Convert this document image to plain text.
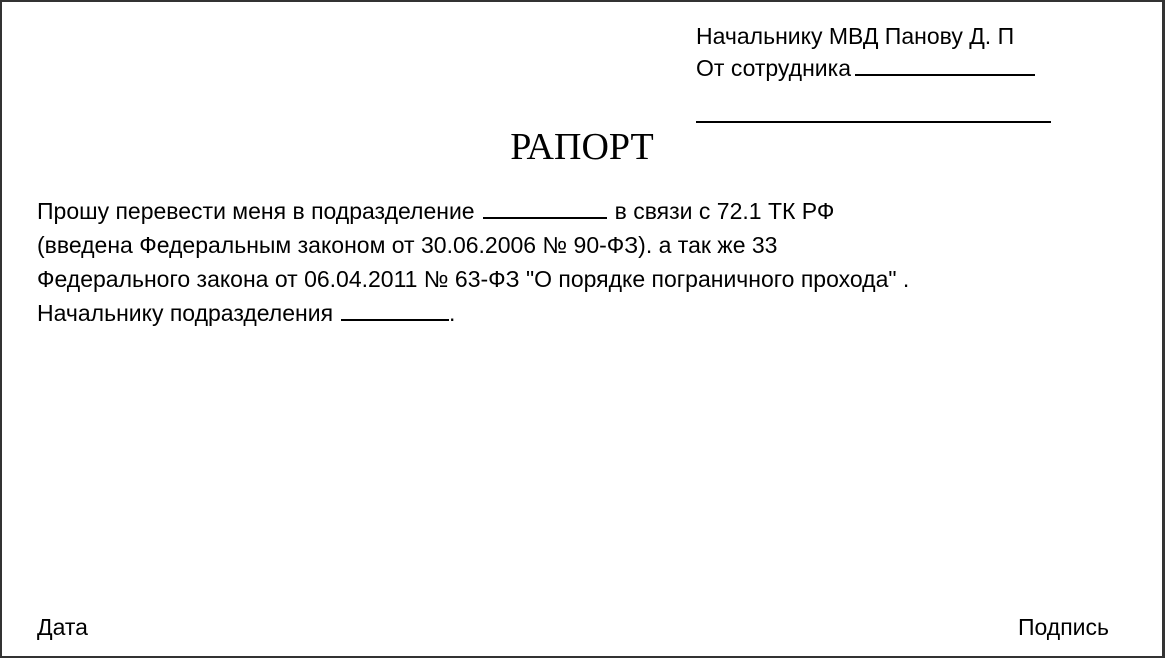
Начальнику МВД Панову Д. П
От сотрудника
РАПОРТ
Прошу перевести меня в подразделение	в связи с 72.1 ТК РФ
(введена Федеральным законом от 30.06.2006 № 90-ФЗ). а так же 33
Федерального закона от 06.04.2011 № 63-ФЗ "О порядке пограничного прохода" .
Начальнику подразделения	.
Дата	Подпись
